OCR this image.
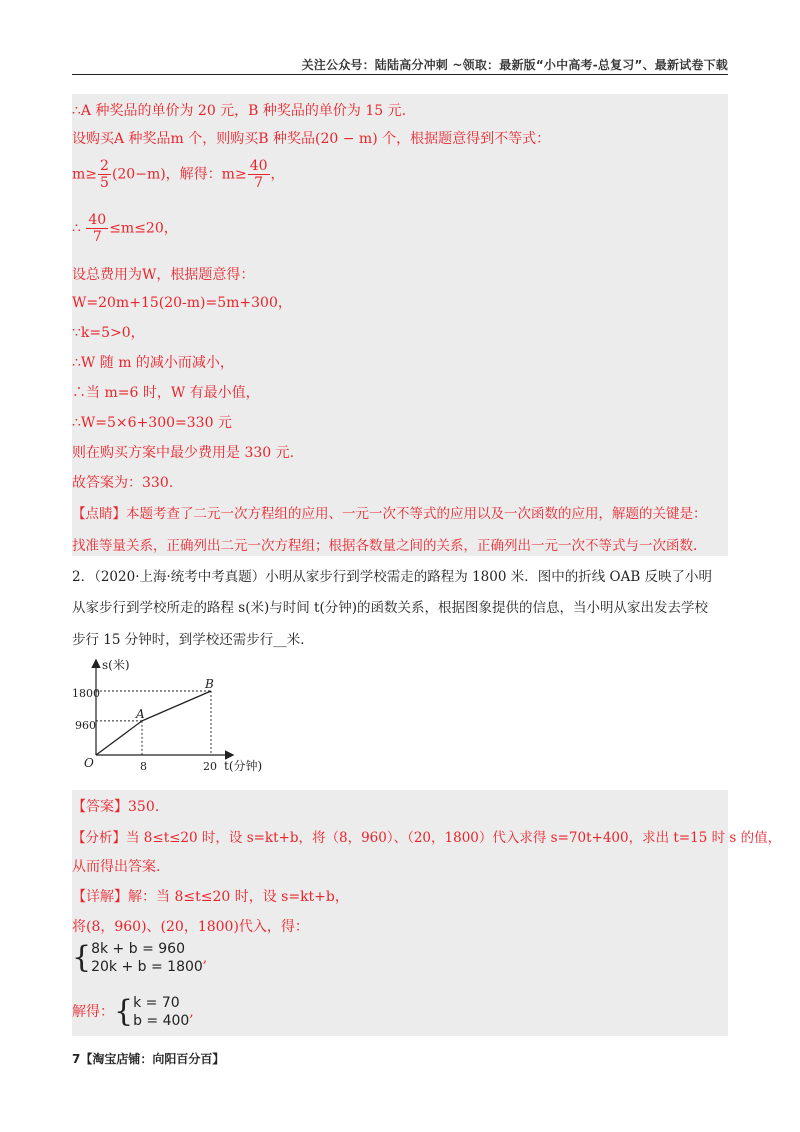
关注公众号：陆陆高分冲刺 ~领取：最新版“小中高考-总复习”、最新试卷下载
∴A 种奖品的单价为 20 元，B 种奖品的单价为 15 元.
设购买A 种奖品m 个，则购买B 种奖品(20 − m) 个，根据题意得到不等式：
$m\ge \frac{2}{5} (20-m)$，解得：$m\ge \frac{40}{7}$ ，
∴ $\frac{40}{7} \le m\le 20$，
设总费用为W，根据题意得：
W=20m+15(20-m)=5m+300，
∵k=5>0，
∴W 随 m 的减小而减小，
∴当 m=6 时，W 有最小值，
∴W=5×6+300=330 元
则在购买方案中最少费用是 330 元.
故答案为：330.
【点睛】本题考查了二元一次方程组的应用、一元一次不等式的应用以及一次函数的应用，解题的关键是：
找准等量关系，正确列出二元一次方程组；根据各数量之间的关系，正确列出一元一次不等式与一次函数.
2．（2020·上海·统考中考真题）小明从家步行到学校需走的路程为 1800 米．图中的折线 OAB 反映了小明
从家步行到学校所走的路程 s(米)与时间 t(分钟)的函数关系，根据图象提供的信息，当小明从家出发去学校
步行 15 分钟时，到学校还需步行__米．
s(米)
t(分钟)
O
1800
960
8	20
A
B
【答案】350.
【分析】当 8≤t≤20 时，设 s=kt+b，将（8，960）、（20，1800）代入求得 s=70t+400，求出 t=15 时 s 的值，
从而得出答案.
【详解】解：当 8≤t≤20 时，设 s=kt+b，
将(8，960)、(20，1800)代入，得：
{ 8k + b = 960
20k + b = 1800
,
解得：{ k = 70
b = 400
,
7【淘宝店铺：向阳百分百】
